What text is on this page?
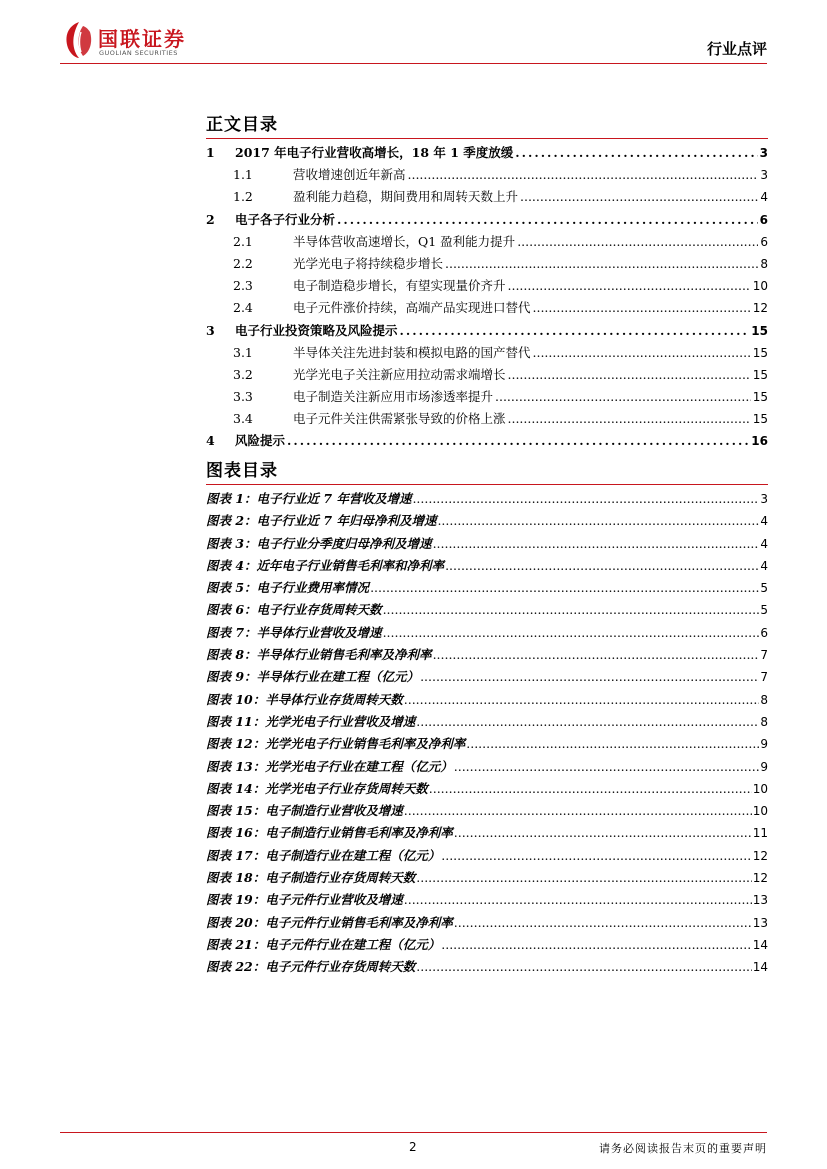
国联证券
GUOLIAN SECURITIES	行业点评
正文目录
1	2017 年电子行业营收高增长，18 年 1 季度放缓 .....	3
1.1	营收增速创近年新高 .....	3
1.2	盈利能力趋稳，期间费用和周转天数上升 .....	4
2	电子各子行业分析 .....	6
2.1	半导体营收高速增长，Q1 盈利能力提升 .....	6
2.2	光学光电子将持续稳步增长 .....	8
2.3	电子制造稳步增长，有望实现量价齐升 .....	10
2.4	电子元件涨价持续，高端产品实现进口替代 .....	12
3	电子行业投资策略及风险提示 .....	15
3.1	半导体关注先进封装和模拟电路的国产替代 .....	15
3.2	光学光电子关注新应用拉动需求端增长 .....	15
3.3	电子制造关注新应用市场渗透率提升 .....	15
3.4	电子元件关注供需紧张导致的价格上涨 .....	15
4	风险提示 .....	16
图表目录
图表 1：电子行业近 7 年营收及增速 .....	3
图表 2：电子行业近 7 年归母净利及增速 .....	4
图表 3：电子行业分季度归母净利及增速 .....	4
图表 4：近年电子行业销售毛利率和净利率 .....	4
图表 5：电子行业费用率情况 .....	5
图表 6：电子行业存货周转天数 .....	5
图表 7：半导体行业营收及增速 .....	6
图表 8：半导体行业销售毛利率及净利率 .....	7
图表 9：半导体行业在建工程（亿元） .....	7
图表 10：半导体行业存货周转天数 .....	8
图表 11：光学光电子行业营收及增速 .....	8
图表 12：光学光电子行业销售毛利率及净利率 .....	9
图表 13：光学光电子行业在建工程（亿元） .....	9
图表 14：光学光电子行业存货周转天数 .....	10
图表 15：电子制造行业营收及增速 .....	10
图表 16：电子制造行业销售毛利率及净利率 .....	11
图表 17：电子制造行业在建工程（亿元） .....	12
图表 18：电子制造行业存货周转天数 .....	12
图表 19：电子元件行业营收及增速 .....	13
图表 20：电子元件行业销售毛利率及净利率 .....	13
图表 21：电子元件行业在建工程（亿元） .....	14
图表 22：电子元件行业存货周转天数 .....	14
2	请务必阅读报告末页的重要声明
